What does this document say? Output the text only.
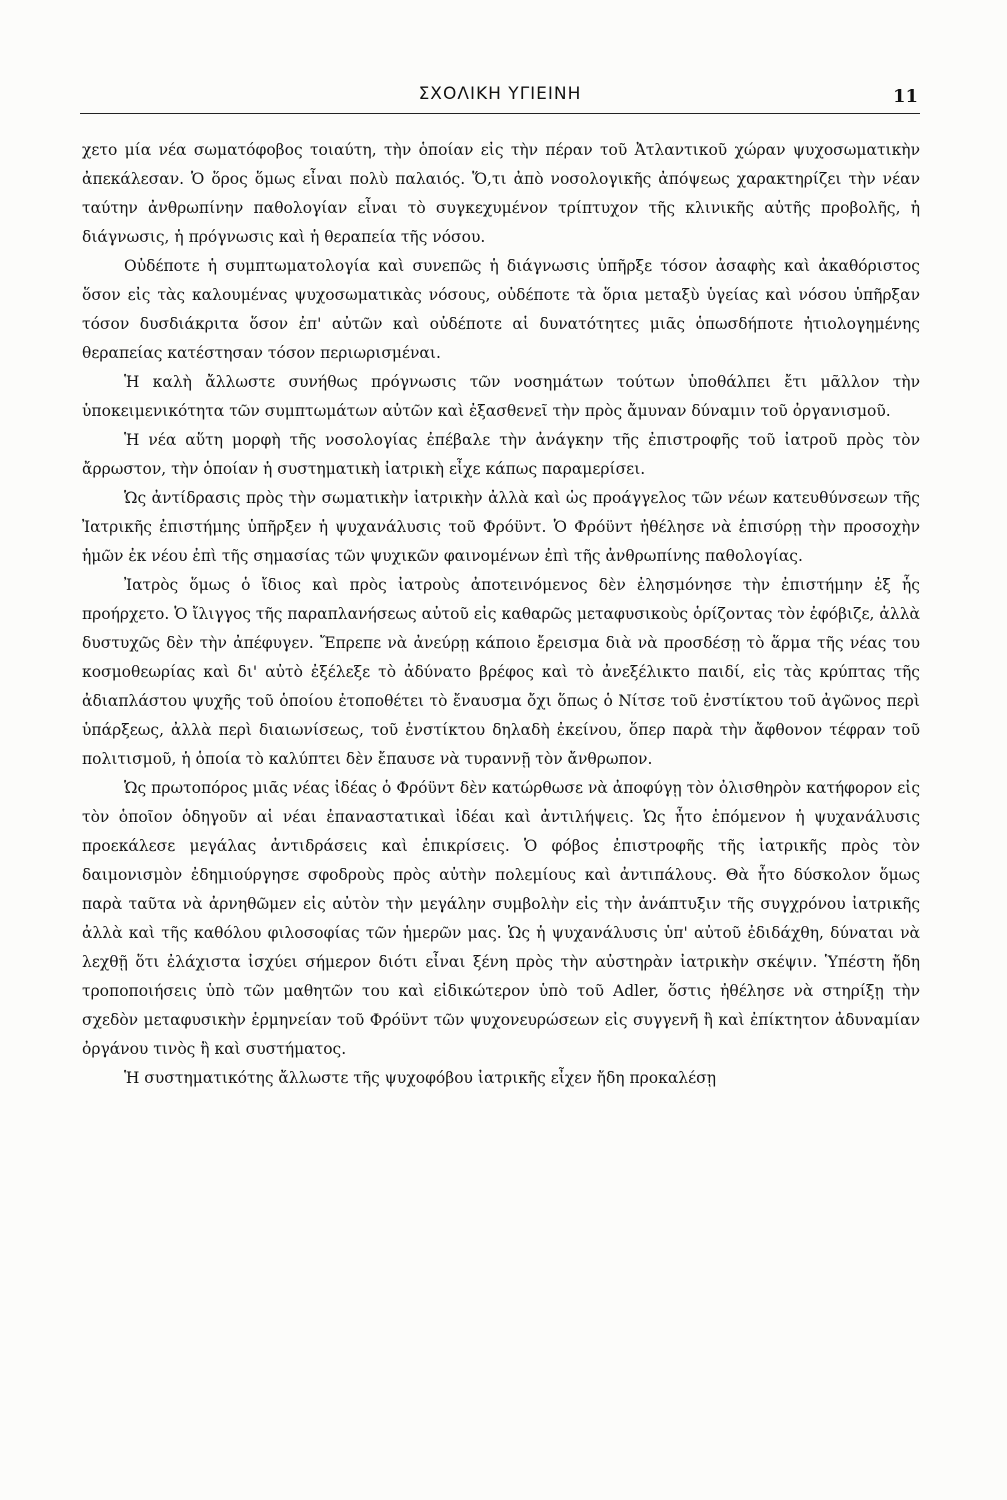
ΣΧΟΛΙΚΗ ΥΓΙΕΙΝΗ	11

χετο μία νέα σωματόφοβος τοιαύτη, τὴν ὁποίαν εἰς τὴν πέραν τοῦ Ἀτλαντικοῦ χώραν ψυχοσωματικὴν ἀπεκάλεσαν. Ὁ ὅρος ὅμως εἶναι πολὺ παλαιός. Ὅ,τι ἀπὸ νοσολογικῆς ἀπόψεως χαρακτηρίζει τὴν νέαν ταύτην ἀνθρωπίνην παθολογίαν εἶναι τὸ συγκεχυμένον τρίπτυχον τῆς κλινικῆς αὐτῆς προβολῆς, ἡ διάγνωσις, ἡ πρόγνωσις καὶ ἡ θεραπεία τῆς νόσου.

Οὐδέποτε ἡ συμπτωματολογία καὶ συνεπῶς ἡ διάγνωσις ὑπῆρξε τόσον ἀσαφὴς καὶ ἀκαθόριστος ὅσον εἰς τὰς καλουμένας ψυχοσωματικὰς νόσους, οὐδέποτε τὰ ὅρια μεταξὺ ὑγείας καὶ νόσου ὑπῆρξαν τόσον δυσδιάκριτα ὅσον ἐπ' αὐτῶν καὶ οὐδέποτε αἱ δυνατότητες μιᾶς ὁπωσδήποτε ἠτιολογημένης θεραπείας κατέστησαν τόσον περιωρισμέναι.

Ἡ καλὴ ἄλλωστε συνήθως πρόγνωσις τῶν νοσημάτων τούτων ὑποθάλπει ἔτι μᾶλλον τὴν ὑποκειμενικότητα τῶν συμπτωμάτων αὐτῶν καὶ ἐξασθενεῖ τὴν πρὸς ἄμυναν δύναμιν τοῦ ὀργανισμοῦ.

Ἡ νέα αὕτη μορφὴ τῆς νοσολογίας ἐπέβαλε τὴν ἀνάγκην τῆς ἐπιστροφῆς τοῦ ἰατροῦ πρὸς τὸν ἄρρωστον, τὴν ὁποίαν ἡ συστηματικὴ ἰατρικὴ εἶχε κάπως παραμερίσει.

Ὡς ἀντίδρασις πρὸς τὴν σωματικὴν ἰατρικὴν ἀλλὰ καὶ ὡς προάγγελος τῶν νέων κατευθύνσεων τῆς Ἰατρικῆς ἐπιστήμης ὑπῆρξεν ἡ ψυχανάλυσις τοῦ Φρόϋντ. Ὁ Φρόϋντ ἠθέλησε νὰ ἐπισύρῃ τὴν προσοχὴν ἡμῶν ἐκ νέου ἐπὶ τῆς σημασίας τῶν ψυχικῶν φαινομένων ἐπὶ τῆς ἀνθρωπίνης παθολογίας.

Ἰατρὸς ὅμως ὁ ἴδιος καὶ πρὸς ἰατροὺς ἀποτεινόμενος δὲν ἐλησμόνησε τὴν ἐπιστήμην ἐξ ἧς προήρχετο. Ὁ ἴλιγγος τῆς παραπλανήσεως αὐτοῦ εἰς καθαρῶς μεταφυσικοὺς ὁρίζοντας τὸν ἐφόβιζε, ἀλλὰ δυστυχῶς δὲν τὴν ἀπέφυγεν. Ἔπρεπε νὰ ἀνεύρῃ κάποιο ἔρεισμα διὰ νὰ προσδέσῃ τὸ ἅρμα τῆς νέας του κοσμοθεωρίας καὶ δι' αὐτὸ ἐξέλεξε τὸ ἀδύνατο βρέφος καὶ τὸ ἀνεξέλικτο παιδί, εἰς τὰς κρύπτας τῆς ἀδιαπλάστου ψυχῆς τοῦ ὁποίου ἐτοποθέτει τὸ ἔναυσμα ὄχι ὅπως ὁ Νίτσε τοῦ ἐνστίκτου τοῦ ἀγῶνος περὶ ὑπάρξεως, ἀλλὰ περὶ διαιωνίσεως, τοῦ ἐνστίκτου δηλαδὴ ἐκείνου, ὅπερ παρὰ τὴν ἄφθονον τέφραν τοῦ πολιτισμοῦ, ἡ ὁποία τὸ καλύπτει δὲν ἔπαυσε νὰ τυραννῇ τὸν ἄνθρωπον.

Ὡς πρωτοπόρος μιᾶς νέας ἰδέας ὁ Φρόϋντ δὲν κατώρθωσε νὰ ἀποφύγῃ τὸν ὀλισθηρὸν κατήφορον εἰς τὸν ὁποῖον ὁδηγοῦν αἱ νέαι ἐπαναστατικαὶ ἰδέαι καὶ ἀντιλήψεις. Ὡς ἦτο ἑπόμενον ἡ ψυχανάλυσις προεκάλεσε μεγάλας ἀντιδράσεις καὶ ἐπικρίσεις. Ὁ φόβος ἐπιστροφῆς τῆς ἰατρικῆς πρὸς τὸν δαιμονισμὸν ἐδημιούργησε σφοδροὺς πρὸς αὐτὴν πολεμίους καὶ ἀντιπάλους. Θὰ ἦτο δύσκολον ὅμως παρὰ ταῦτα νὰ ἀρνηθῶμεν εἰς αὐτὸν τὴν μεγάλην συμβολὴν εἰς τὴν ἀνάπτυξιν τῆς συγχρόνου ἰατρικῆς ἀλλὰ καὶ τῆς καθόλου φιλοσοφίας τῶν ἡμερῶν μας. Ὡς ἡ ψυχανάλυσις ὑπ' αὐτοῦ ἐδιδάχθη, δύναται νὰ λεχθῇ ὅτι ἐλάχιστα ἰσχύει σήμερον διότι εἶναι ξένη πρὸς τὴν αὐστηρὰν ἰατρικὴν σκέψιν. Ὑπέστη ἤδη τροποποιήσεις ὑπὸ τῶν μαθητῶν του καὶ εἰδικώτερον ὑπὸ τοῦ Adler, ὅστις ἠθέλησε νὰ στηρίξῃ τὴν σχεδὸν μεταφυσικὴν ἑρμηνείαν τοῦ Φρόϋντ τῶν ψυχονευρώσεων εἰς συγγενῆ ἢ καὶ ἐπίκτητον ἀδυναμίαν ὀργάνου τινὸς ἢ καὶ συστήματος.

Ἡ συστηματικότης ἄλλωστε τῆς ψυχοφόβου ἰατρικῆς εἶχεν ἤδη προκαλέσῃ
